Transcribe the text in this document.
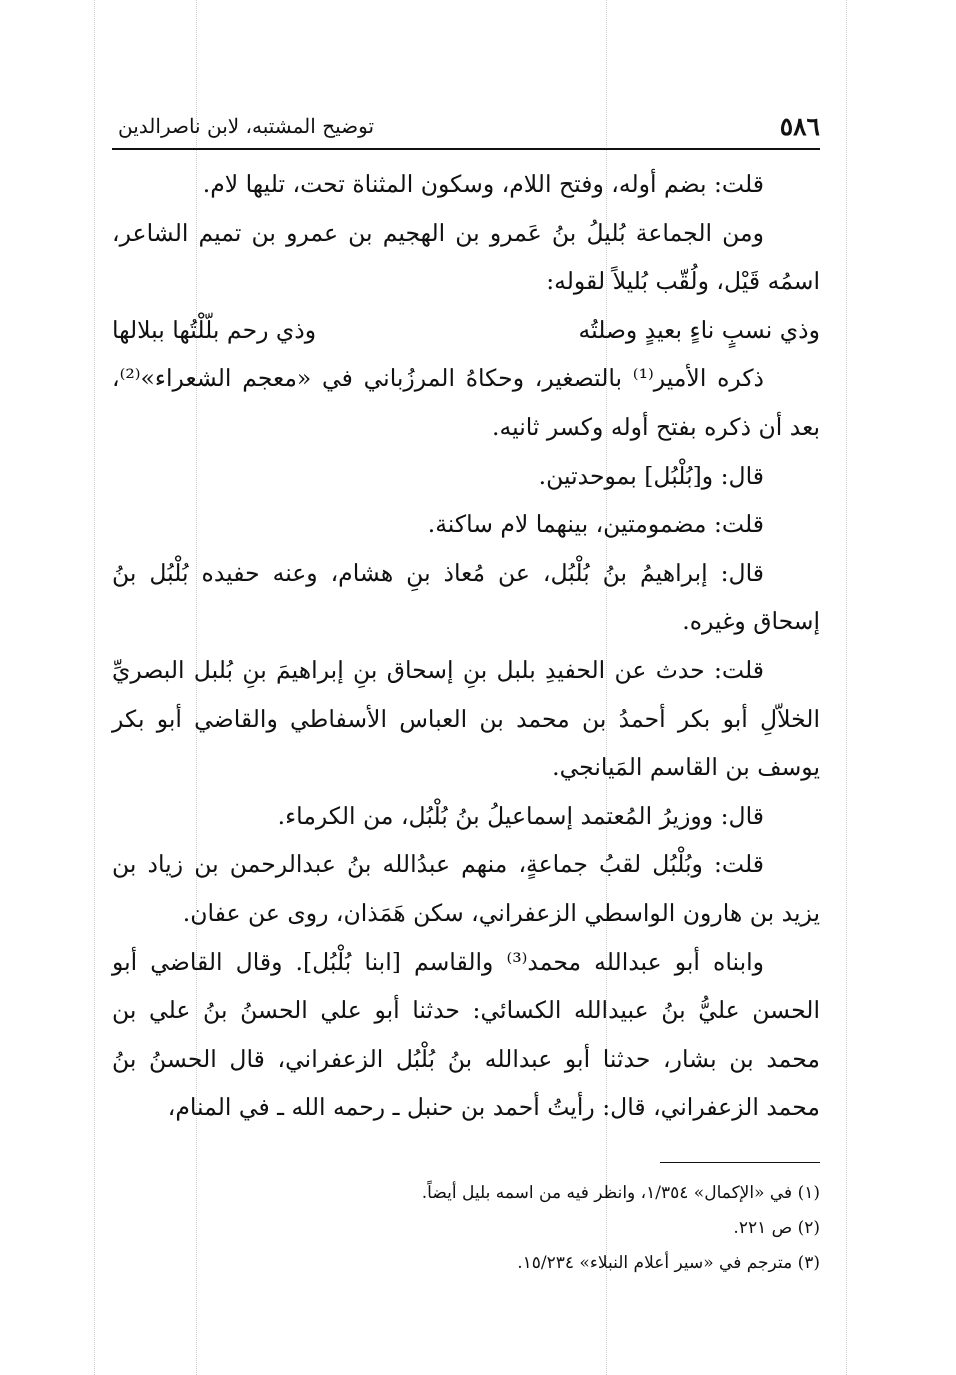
٥٨٦
توضيح المشتبه، لابن ناصرالدين

قلت: بضم أوله، وفتح اللام، وسكون المثناة تحت، تليها لام.

ومن الجماعة بُليلُ بنُ عَمرو بن الهجيم بن عمرو بن تميم الشاعر، اسمُه قَيْل، ولُقّب بُليلاً لقوله:

وذي نسبٍ ناءٍ بعيدٍ وصلتُه
وذي رحم بلّلْتُها ببلالها

ذكره الأمير⁽¹⁾ بالتصغير، وحكاهُ المرزُباني في «معجم الشعراء»⁽²⁾، بعد أن ذكره بفتح أوله وكسر ثانيه.

قال: و[بُلْبُل] بموحدتين.

قلت: مضمومتين، بينهما لام ساكنة.

قال: إبراهيمُ بنُ بُلْبُل، عن مُعاذ بنِ هشام، وعنه حفيده بُلْبُل بنُ إسحاق وغيره.

قلت: حدث عن الحفيدِ بلبل بنِ إسحاق بنِ إبراهيمَ بنِ بُلبل البصريِّ الخلاّلِ أبو بكر أحمدُ بن محمد بن العباس الأسفاطي والقاضي أبو بكر يوسف بن القاسم المَيانجي.

قال: ووزيرُ المُعتمد إسماعيلُ بنُ بُلْبُل، من الكرماء.

قلت: وبُلْبُل لقبُ جماعةٍ، منهم عبدُالله بنُ عبدالرحمن بن زياد بن يزيد بن هارون الواسطي الزعفراني، سكن هَمَذان، روى عن عفان.

وابناه أبو عبدالله محمد⁽³⁾ والقاسم [ابنا بُلْبُل]. وقال القاضي أبو الحسن عليُّ بنُ عبيدالله الكسائي: حدثنا أبو علي الحسنُ بنُ علي بن محمد بن بشار، حدثنا أبو عبدالله بنُ بُلْبُل الزعفراني، قال الحسنُ بنُ محمد الزعفراني، قال: رأيتُ أحمد بن حنبل ـ رحمه الله ـ في المنام،

(١) في «الإكمال» ١/٣٥٤، وانظر فيه من اسمه بليل أيضاً.

(٢) ص ٢٢١.

(٣) مترجم في «سير أعلام النبلاء» ١٥/٢٣٤.
